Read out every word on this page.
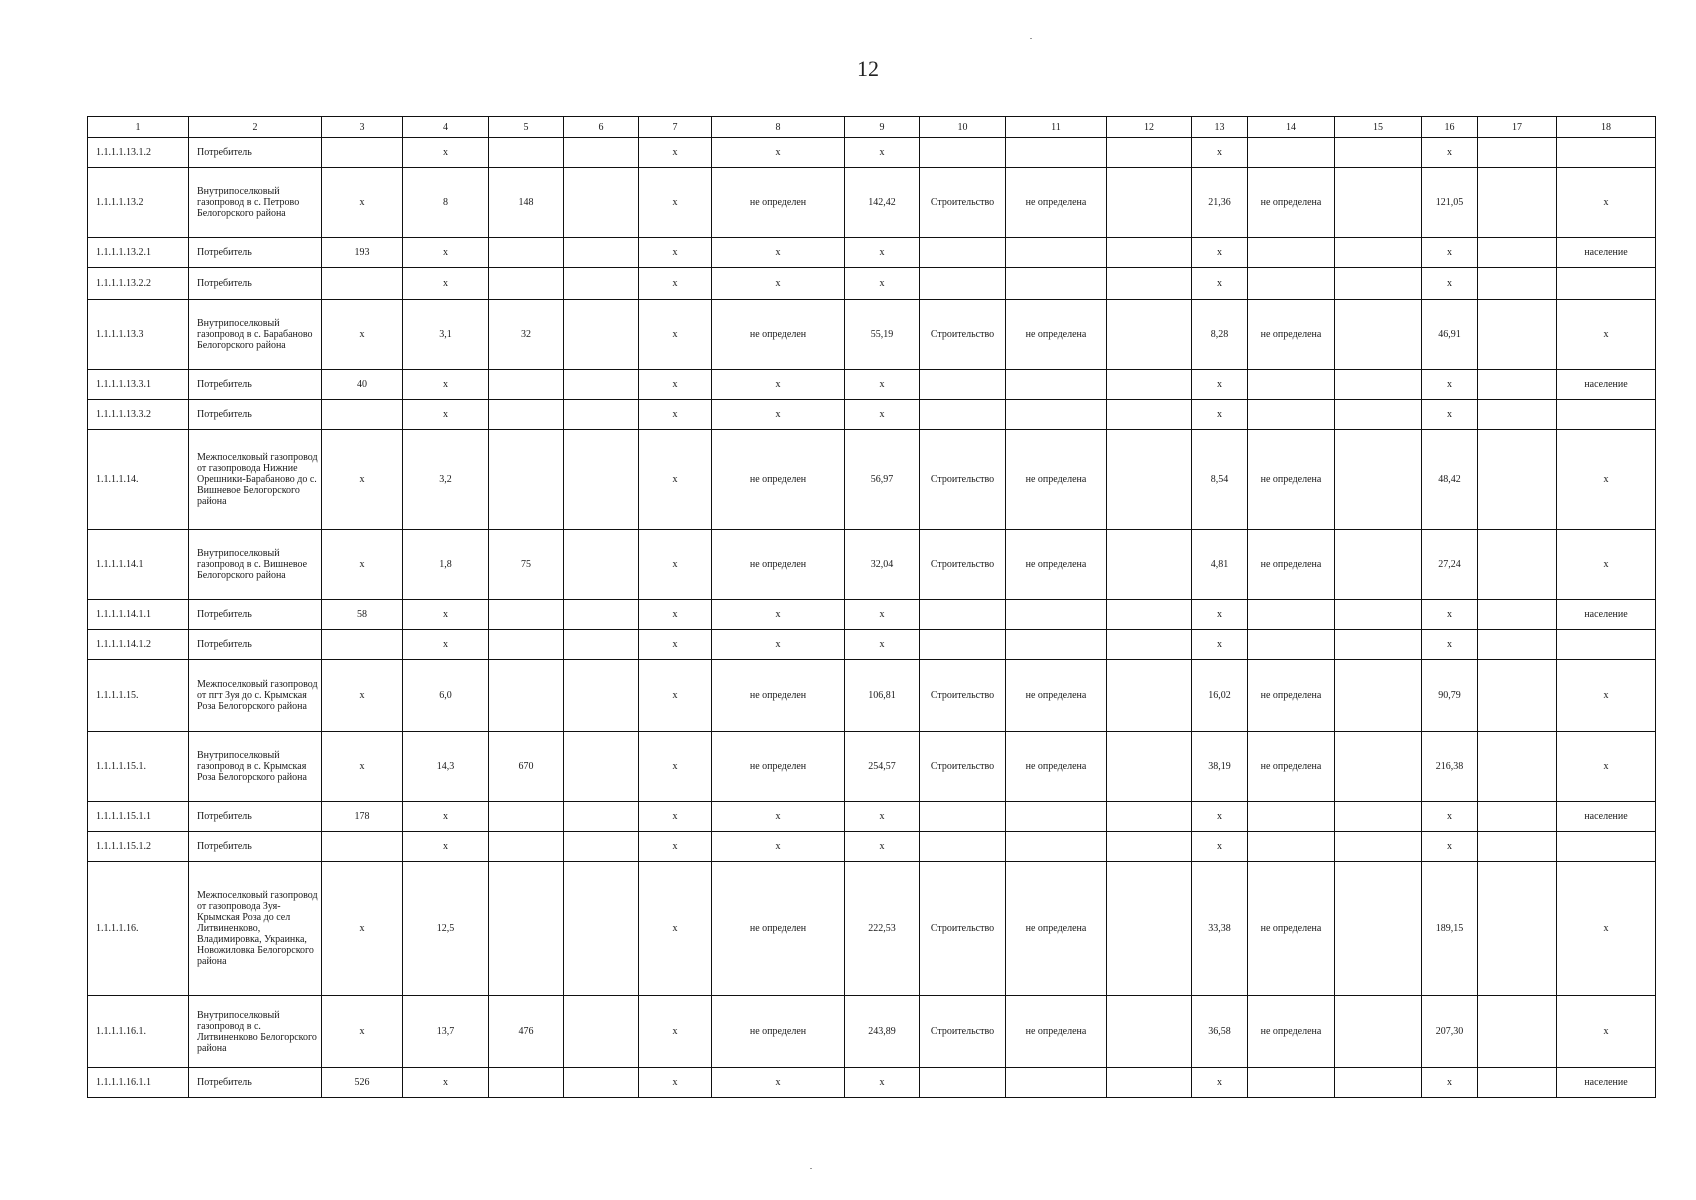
12
1	2	3	4	5	6	7	8	9	10	11	12	13	14	15	16	17	18
1.1.1.1.13.1.2	Потребитель		x			x	x	x				x			x		
1.1.1.1.13.2	Внутрипоселковый газопровод в с. Петрово Белогорского района	x	8	148		x	не определен	142,42	Строительство	не определена		21,36	не определена		121,05		x
1.1.1.1.13.2.1	Потребитель	193	x			x	x	x				x			x		население
1.1.1.1.13.2.2	Потребитель		x			x	x	x				x			x		
1.1.1.1.13.3	Внутрипоселковый газопровод в с. Барабаново Белогорского района	x	3,1	32		x	не определен	55,19	Строительство	не определена		8,28	не определена		46,91		x
1.1.1.1.13.3.1	Потребитель	40	x			x	x	x				x			x		население
1.1.1.1.13.3.2	Потребитель		x			x	x	x				x			x		
1.1.1.1.14.	Межпоселковый газопровод от газопровода Нижние Орешники-Барабаново до с. Вишневое Белогорского района	x	3,2			x	не определен	56,97	Строительство	не определена		8,54	не определена		48,42		x
1.1.1.1.14.1	Внутрипоселковый газопровод в с. Вишневое Белогорского района	x	1,8	75		x	не определен	32,04	Строительство	не определена		4,81	не определена		27,24		x
1.1.1.1.14.1.1	Потребитель	58	x			x	x	x				x			x		население
1.1.1.1.14.1.2	Потребитель		x			x	x	x				x			x		
1.1.1.1.15.	Межпоселковый газопровод от пгт Зуя до с. Крымская Роза Белогорского района	x	6,0			x	не определен	106,81	Строительство	не определена		16,02	не определена		90,79		x
1.1.1.1.15.1.	Внутрипоселковый газопровод в с. Крымская Роза Белогорского района	x	14,3	670		x	не определен	254,57	Строительство	не определена		38,19	не определена		216,38		x
1.1.1.1.15.1.1	Потребитель	178	x			x	x	x				x			x		население
1.1.1.1.15.1.2	Потребитель		x			x	x	x				x			x		
1.1.1.1.16.	Межпоселковый газопровод от газопровода Зуя-Крымская Роза до сел Литвиненково, Владимировка, Украинка, Новожиловка Белогорского района	x	12,5			x	не определен	222,53	Строительство	не определена		33,38	не определена		189,15		x
1.1.1.1.16.1.	Внутрипоселковый газопровод в с. Литвиненково Белогорского района	x	13,7	476		x	не определен	243,89	Строительство	не определена		36,58	не определена		207,30		x
1.1.1.1.16.1.1	Потребитель	526	x			x	x	x				x			x		население
